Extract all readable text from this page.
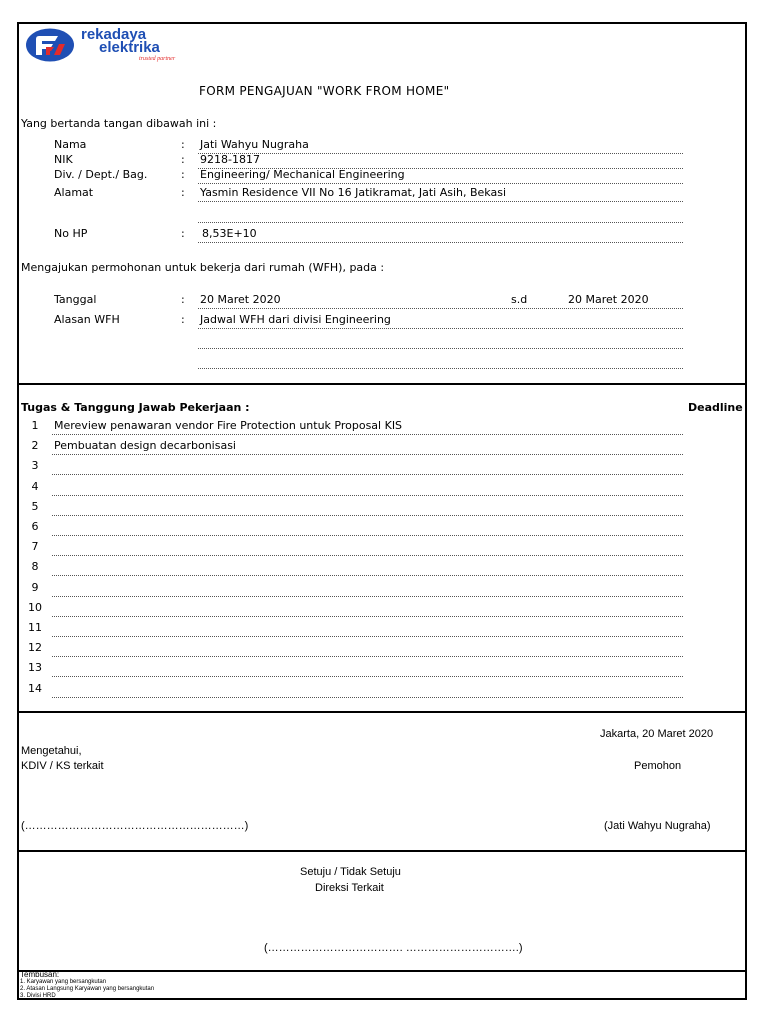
rekadaya
elektrika
trusted partner
FORM PENGAJUAN "WORK FROM HOME"
Yang bertanda tangan dibawah ini :
Nama	: Jati Wahyu Nugraha
NIK	: 9218-1817
Div. / Dept./ Bag.	: Engineering/ Mechanical Engineering
Alamat	: Yasmin Residence VII No 16 Jatikramat, Jati Asih, Bekasi
No HP	: 8,53E+10
Mengajukan permohonan untuk bekerja dari rumah (WFH), pada :
Tanggal	: 20 Maret 2020	s.d	20 Maret 2020
Alasan WFH	: Jadwal WFH dari divisi Engineering
Tugas & Tanggung Jawab Pekerjaan :	Deadline
1	Mereview penawaran vendor Fire Protection untuk Proposal KIS
2	Pembuatan design decarbonisasi
3
4
5
6
7
8
9
10
11
12
13
14
Jakarta, 20 Maret 2020
Mengetahui,
KDIV / KS terkait	Pemohon
(……………………………………………………)	(Jati Wahyu Nugraha)
Setuju / Tidak Setuju
Direksi Terkait
(………………………………. ………………………….)
Tembusan:
1. Karyawan yang bersangkutan
2. Atasan Langsung Karyawan yang bersangkutan
3. Divisi HRD
